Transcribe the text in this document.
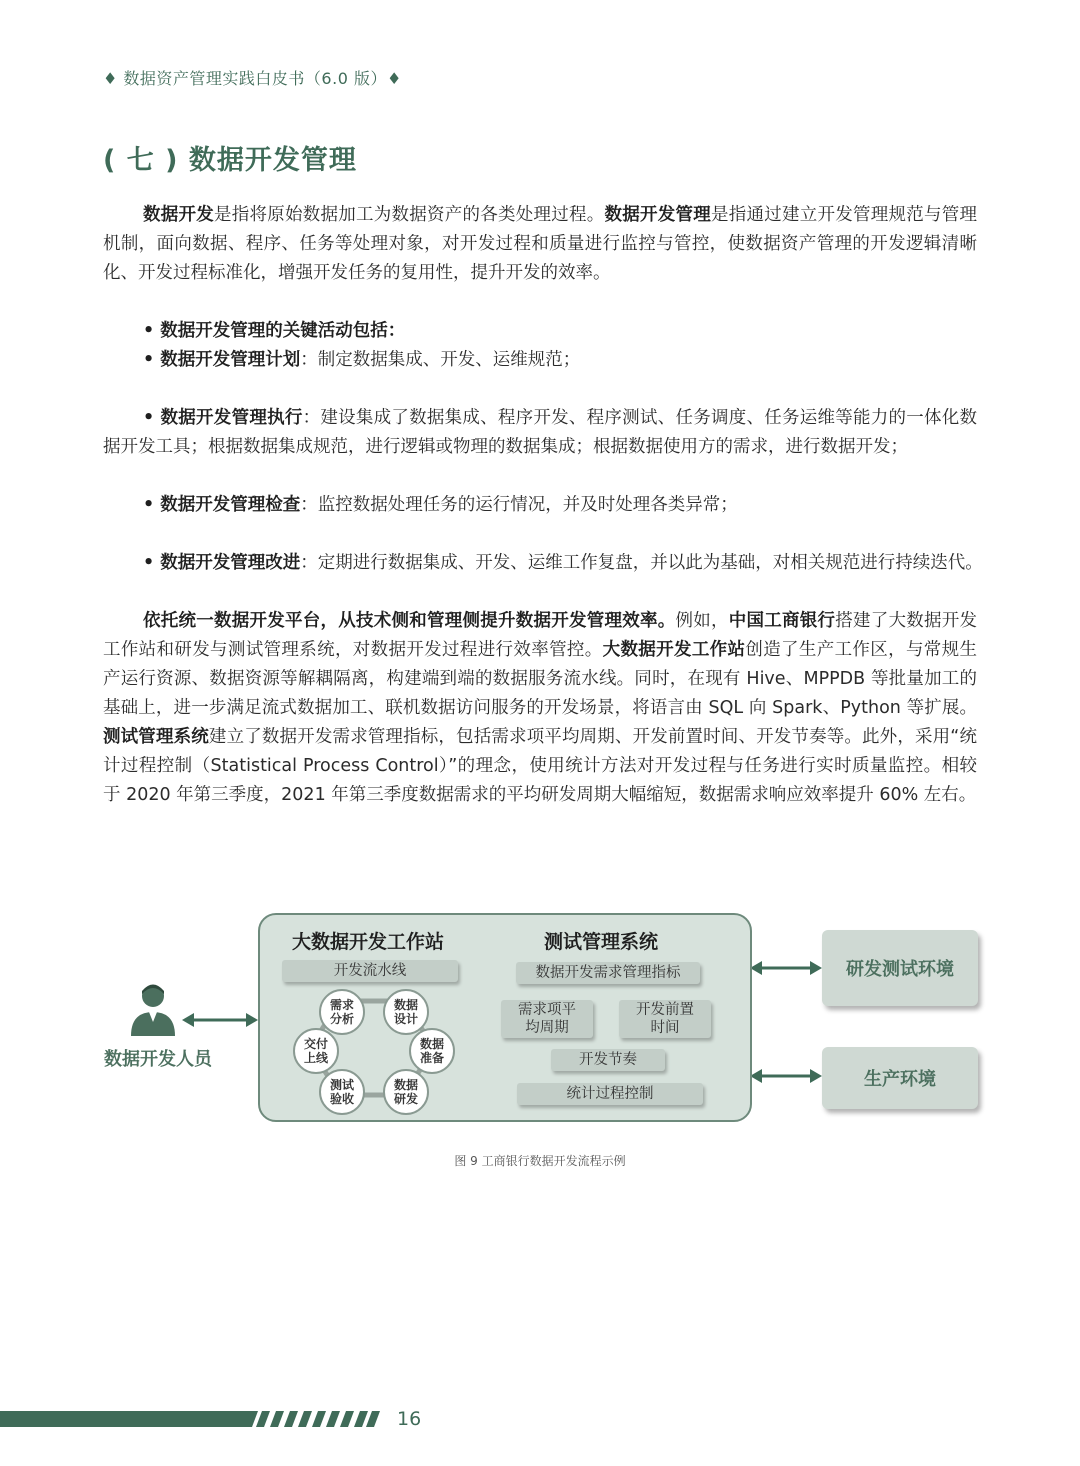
♦ 数据资产管理实践白皮书（6.0 版）♦
( 七 ) 数据开发管理

数据开发是指将原始数据加工为数据资产的各类处理过程。数据开发管理是指通过建立开发管理规范与管理机制，面向数据、程序、任务等处理对象，对开发过程和质量进行监控与管控，使数据资产管理的开发逻辑清晰化、开发过程标准化，增强开发任务的复用性，提升开发的效率。

• 数据开发管理的关键活动包括：

• 数据开发管理计划：制定数据集成、开发、运维规范；

• 数据开发管理执行：建设集成了数据集成、程序开发、程序测试、任务调度、任务运维等能力的一体化数据开发工具；根据数据集成规范，进行逻辑或物理的数据集成；根据数据使用方的需求，进行数据开发；

• 数据开发管理检查：监控数据处理任务的运行情况，并及时处理各类异常；

• 数据开发管理改进：定期进行数据集成、开发、运维工作复盘，并以此为基础，对相关规范进行持续迭代。

依托统一数据开发平台，从技术侧和管理侧提升数据开发管理效率。例如，中国工商银行搭建了大数据开发工作站和研发与测试管理系统，对数据开发过程进行效率管控。大数据开发工作站创造了生产工作区，与常规生产运行资源、数据资源等解耦隔离，构建端到端的数据服务流水线。同时，在现有 Hive、MPPDB 等批量加工的基础上，进一步满足流式数据加工、联机数据访问服务的开发场景，将语言由 SQL 向 Spark、Python 等扩展。测试管理系统建立了数据开发需求管理指标，包括需求项平均周期、开发前置时间、开发节奏等。此外，采用“统计过程控制（Statistical Process Control）”的理念，使用统计方法对开发过程与任务进行实时质量监控。相较于 2020 年第三季度，2021 年第三季度数据需求的平均研发周期大幅缩短，数据需求响应效率提升 60% 左右。

数据开发人员
研发测试环境
生产环境
大数据开发工作站	测试管理系统
开发流水线
需求
分析
数据
设计
数据
准备
数据
研发
测试
验收
交付
上线
数据开发需求管理指标
需求项平
均周期
开发前置
时间
开发节奏
统计过程控制
图 9 工商银行数据开发流程示例
16
